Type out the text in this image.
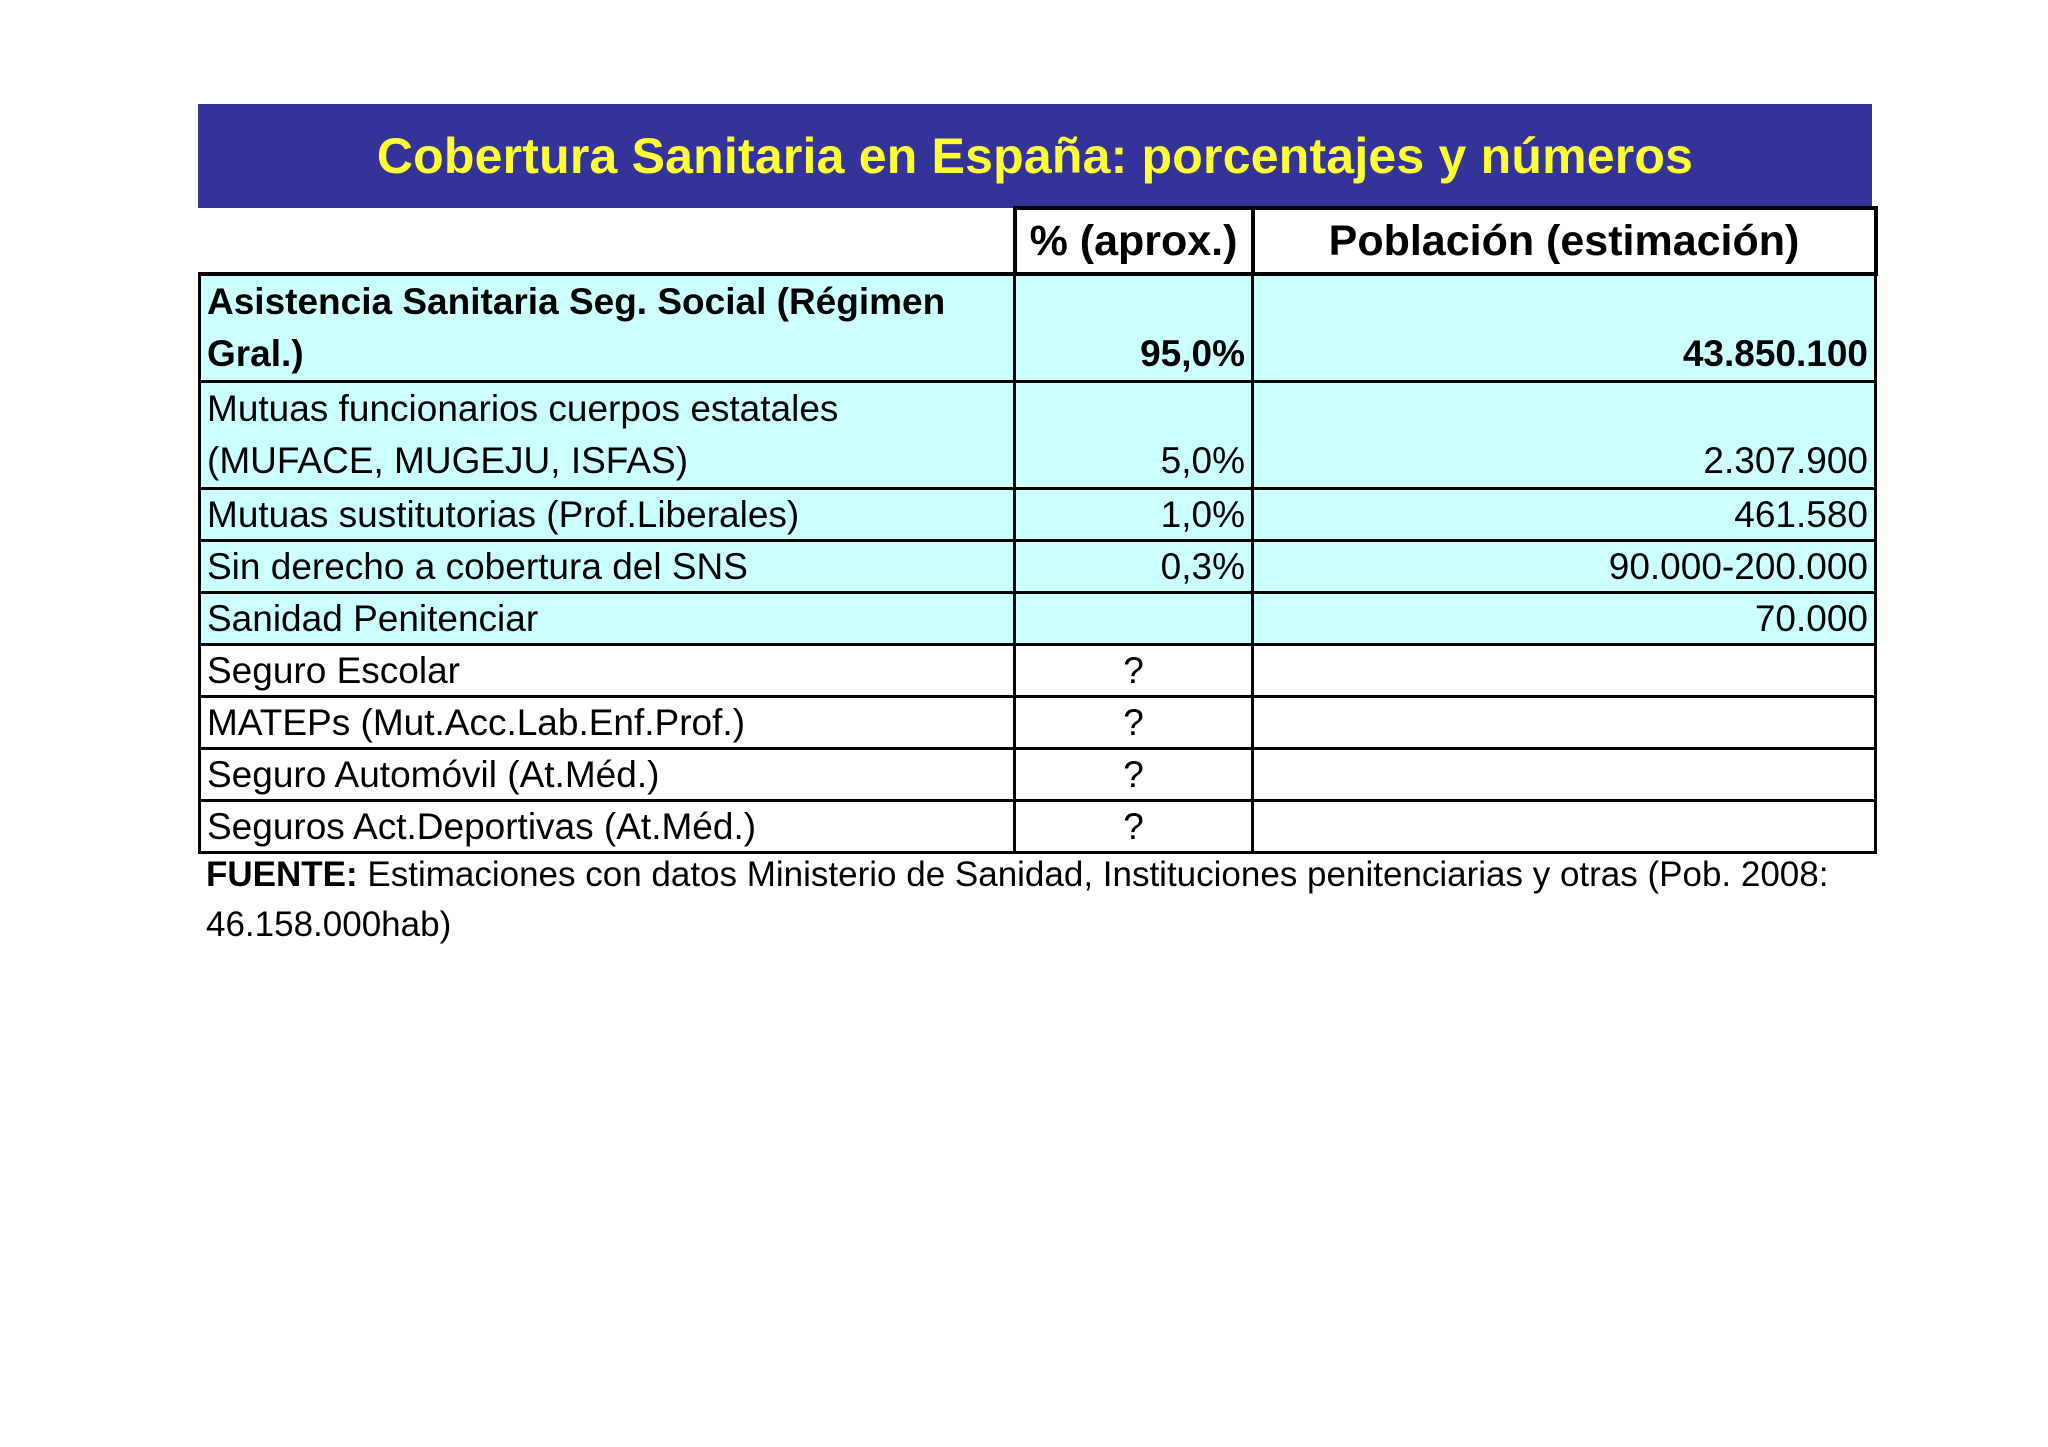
Cobertura Sanitaria en España: porcentajes y números
	% (aprox.)	Población (estimación)
Asistencia Sanitaria Seg. Social (Régimen Gral.)	95,0%	43.850.100
Mutuas funcionarios cuerpos estatales (MUFACE, MUGEJU, ISFAS)	5,0%	2.307.900
Mutuas sustitutorias (Prof.Liberales)	1,0%	461.580
Sin derecho a cobertura del SNS	0,3%	90.000-200.000
Sanidad Penitenciar		70.000
Seguro Escolar	?	
MATEPs (Mut.Acc.Lab.Enf.Prof.)	?	
Seguro Automóvil (At.Méd.)	?	
Seguros Act.Deportivas (At.Méd.)	?	
FUENTE: Estimaciones con datos Ministerio de Sanidad, Instituciones penitenciarias y otras (Pob. 2008: 46.158.000hab)
